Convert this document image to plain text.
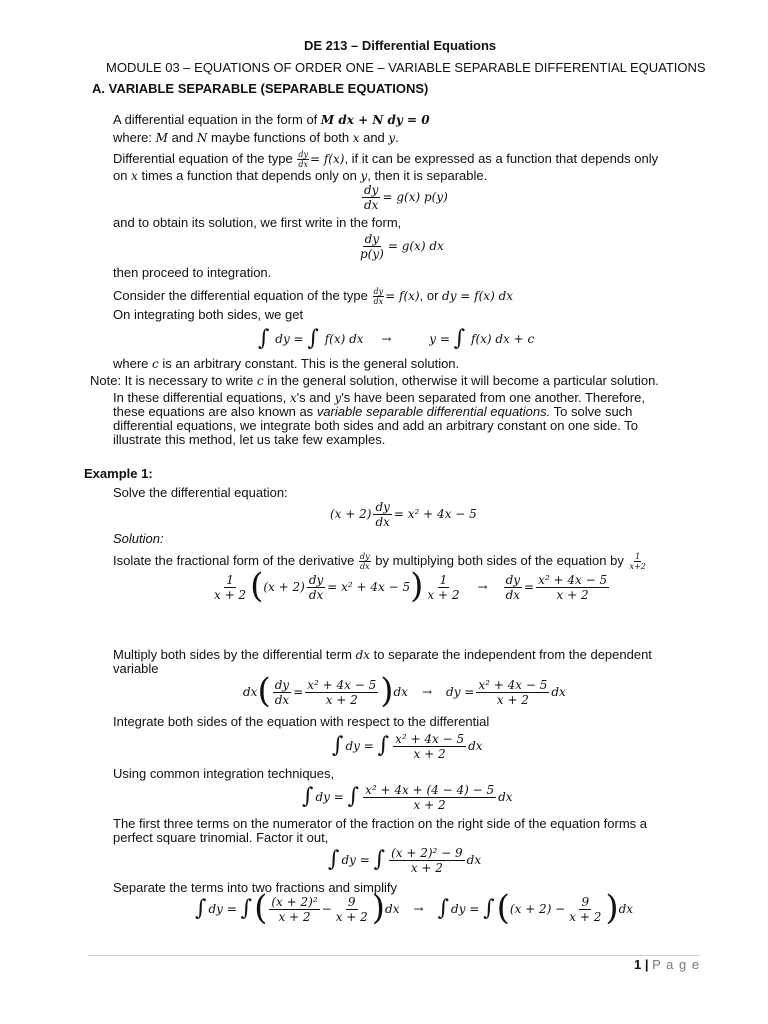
DE 213 – Differential Equations
MODULE 03 – EQUATIONS OF ORDER ONE – VARIABLE SEPARABLE DIFFERENTIAL EQUATIONS
A. VARIABLE SEPARABLE (SEPARABLE EQUATIONS)
A differential equation in the form of M dx + N dy = 0
where: M and N maybe functions of both x and y.
Differential equation of the type $\frac{dy}{dx} = f(x)$, if it can be expressed as a function that depends only
on x times a function that depends only on y, then it is separable.
$\frac{dy}{dx} = g(x)$ p(y)
and to obtain its solution, we first write in the form,
$\frac{dy}{p(y)} = g(x)$ dx
then proceed to integration.
Consider the differential equation of the type $\frac{dy}{dx} = f(x)$, or dy = f(x) dx
On integrating both sides, we get
∫ dy = ∫ f(x) dx →	y = ∫ f(x) dx + c
where c is an arbitrary constant. This is the general solution.
Note: It is necessary to write c in the general solution, otherwise it will become a particular solution.
In these differential equations, x's and y's have been separated from one another. Therefore,
these equations are also known as variable separable differential equations. To solve such
differential equations, we integrate both sides and add an arbitrary constant on one side. To
illustrate this method, let us take few examples.
Example 1:
Solve the differential equation:
$(x + 2) \frac{dy}{dx} = x^2 + 4x - 5$
Solution:
Isolate the fractional form of the derivative $\frac{dy}{dx}$ by multiplying both sides of the equation by $\frac{1}{x+2}$
$\frac{1}{x + 2} ((x + 2) \frac{dy}{dx} = x^2 + 4x - 5) \frac{1}{x + 2} \to \frac{dy}{dx} = \frac{\text{x² + 4x − 5}}{x + 2}$
Multiply both sides by the differential term dx to separate the independent from the dependent
variable
$dx( \frac{dy}{dx} = \frac{\text{x² + 4x − 5}}{x + 2} )dx$ → dy = $\frac{\text{x² + 4x − 5}}{x + 2}$ dx
Integrate both sides of the equation with respect to the differential
∫ dy = ∫ $\frac{\text{x² + 4x − 5}}{x + 2}$ dx
Using common integration techniques,
∫ dy = ∫ $\frac{\text{x² + 4x + (4 − 4) − 5}}{x + 2}$ dx
The first three terms on the numerator of the fraction on the right side of the equation forms a
perfect square trinomial. Factor it out,
∫ dy = ∫ $\frac{\text{(x + 2)² − 9}}{x + 2}$ dx
Separate the terms into two fractions and simplify
∫ dy = ∫( $\frac{\text{(x + 2)²}}{x + 2} - \frac{9}{x + 2} )dx$ → ∫ dy = $\int((x + 2) - \frac{9}{x + 2} )dx$
1 | P a g e
